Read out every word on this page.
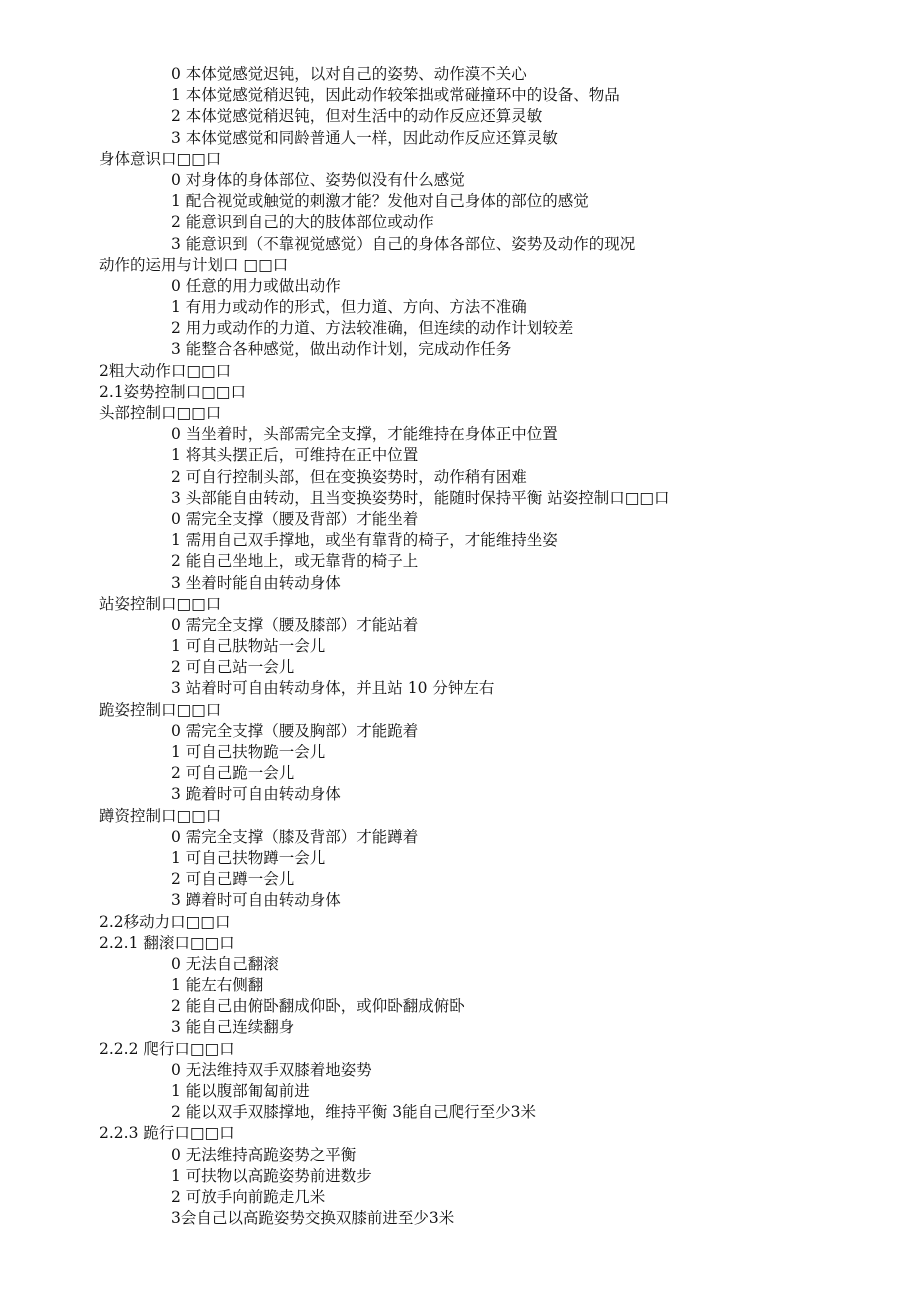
0 本体觉感觉迟钝，以对自己的姿势、动作漠不关心
1 本体觉感觉稍迟钝，因此动作较笨拙或常碰撞环中的设备、物品
2 本体觉感觉稍迟钝，但对生活中的动作反应还算灵敏
3 本体觉感觉和同龄普通人一样，因此动作反应还算灵敏
身体意识口□□口
0 对身体的身体部位、姿势似没有什么感觉
1 配合视觉或触觉的刺激才能？发他对自己身体的部位的感觉
2 能意识到自己的大的肢体部位或动作
3 能意识到（不靠视觉感觉）自己的身体各部位、姿势及动作的现况
动作的运用与计划口 □□口
0 任意的用力或做出动作
1 有用力或动作的形式，但力道、方向、方法不准确
2 用力或动作的力道、方法较准确，但连续的动作计划较差
3 能整合各种感觉，做出动作计划，完成动作任务
2粗大动作口□□口
2.1姿势控制口□□口
头部控制口□□口
0 当坐着时，头部需完全支撑，才能维持在身体正中位置
1 将其头摆正后，可维持在正中位置
2 可自行控制头部，但在变换姿势时，动作稍有困难
3 头部能自由转动，且当变换姿势时，能随时保持平衡 站姿控制口□□口
0 需完全支撑（腰及背部）才能坐着
1 需用自己双手撑地，或坐有靠背的椅子，才能维持坐姿
2 能自己坐地上，或无靠背的椅子上
3 坐着时能自由转动身体
站姿控制口□□口
0 需完全支撑（腰及膝部）才能站着
1 可自己肤物站一会儿
2 可自己站一会儿
3 站着时可自由转动身体，并且站 10 分钟左右
跪姿控制口□□口
0 需完全支撑（腰及胸部）才能跪着
1 可自己扶物跪一会儿
2 可自己跪一会儿
3 跪着时可自由转动身体
蹲资控制口□□口
0 需完全支撑（膝及背部）才能蹲着
1 可自己扶物蹲一会儿
2 可自己蹲一会儿
3 蹲着时可自由转动身体
2.2移动力口□□口
2.2.1 翻滚口□□口
0 无法自己翻滚
1 能左右侧翻
2 能自己由俯卧翻成仰卧，或仰卧翻成俯卧
3 能自己连续翻身
2.2.2 爬行口□□口
0 无法维持双手双膝着地姿势
1 能以腹部匍匐前进
2 能以双手双膝撑地，维持平衡 3能自己爬行至少3米
2.2.3 跪行口□□口
0 无法维持高跪姿势之平衡
1 可扶物以高跪姿势前进数步
2 可放手向前跪走几米
3会自己以高跪姿势交换双膝前进至少3米
